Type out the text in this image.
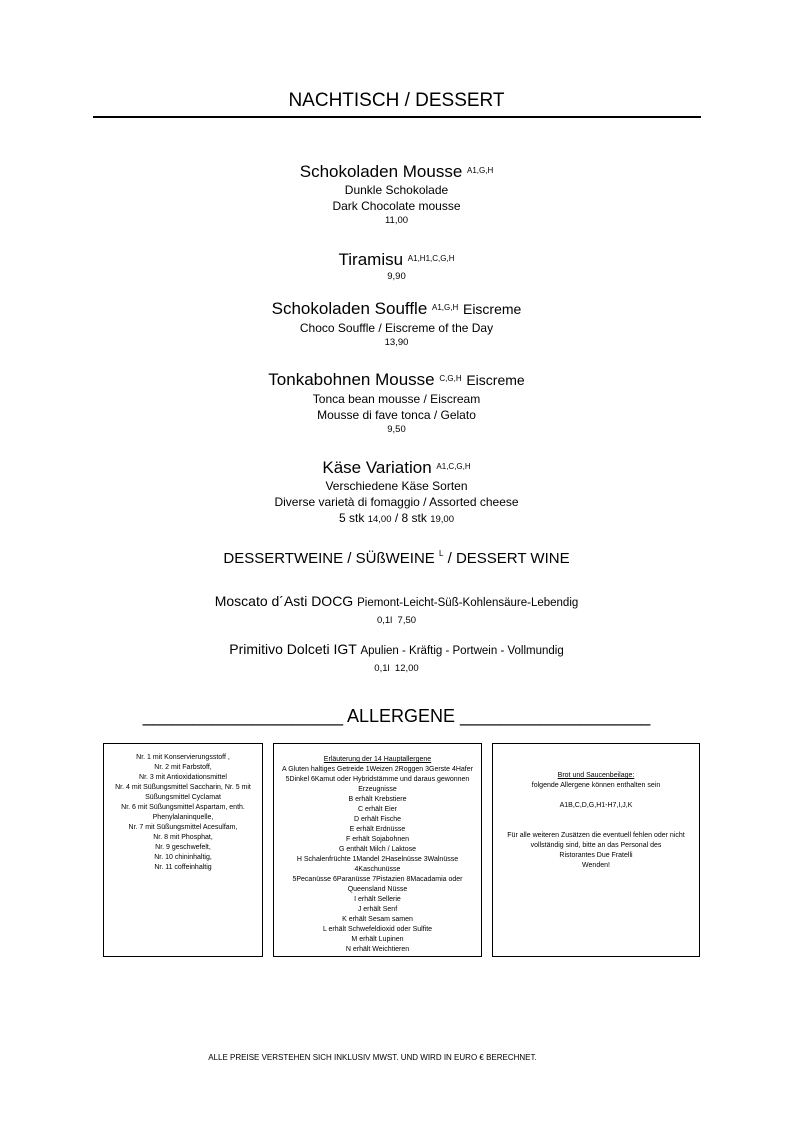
NACHTISCH / DESSERT
Schokoladen Mousse $^{A1,G,H}$
Dunkle Schokolade
Dark Chocolate mousse
11,00
Tiramisu $^{A1,H1,C,G,H}$
9,90
Schokoladen Souffle $^{A1,G,H}$ Eiscreme
Choco Souffle / Eiscreme of the Day
13,90
Tonkabohnen Mousse $^{C,G,H}$ Eiscreme
Tonca bean mousse / Eiscream
Mousse di fave tonca / Gelato
9,50
Käse Variation $^{A1,C,G,H}$
Verschiedene Käse Sorten
Diverse varietà di fomaggio / Assorted cheese
5 stk 14,00 / 8 stk 19,00
DESSERTWEINE / SÜßWEINE $^L$ / DESSERT WINE
Moscato d´Asti DOCG Piemont-Leicht-Süß-Kohlensäure-Lebendig
0,1l 7,50
Primitivo Dolceti IGT Apulien - Kräftig - Portwein - Vollmundig
0,1l 12,00
____________________ ALLERGENE ___________________
Nr. 1 mit Konservierungsstoff ,
Nr. 2 mit Farbstoff,
Nr. 3 mit Antioxidationsmittel
Nr. 4 mit Süßungsmittel Saccharin, Nr. 5 mit
Süßungsmittel Cyclamat
Nr. 6 mit Süßungsmittel Aspartam, enth.
Phenylalaninquelle,
Nr. 7 mit Süßungsmittel Acesulfam,
Nr. 8 mit Phosphat,
Nr. 9 geschwefelt,
Nr. 10 chininhaltig,
Nr. 11 coffeinhaltig
Erläuterung der 14 Hauptallergene
A Gluten haltiges Getreide 1Weizen 2Roggen 3Gerste 4Hafer
5Dinkel 6Kamut oder Hybridstämme und daraus gewonnen
Erzeugnisse
B erhält Krebstiere
C erhält Eier
D erhält Fische
E erhält Erdnüsse
F erhält Sojabohnen
G enthält Milch / Laktose
H Schalenfrüchte 1Mandel 2Haselnüsse 3Walnüsse
4Kaschunüsse
5Pecanüsse 6Paranüsse 7Pistazien 8Macadamia oder
Queensland Nüsse
I erhält Sellerie
J erhält Senf
K erhält Sesam samen
L erhält Schwefeldioxid oder Sulfite
M erhält Lupinen
N erhält Weichtieren
Brot und Saucenbeilage:
folgende Allergene können enthalten sein
A1B,C,D,G,H1-H7,I,J,K
Für alle weiteren Zusätzen die eventuell fehlen oder nicht
vollständig sind, bitte an das Personal des
Ristorantes Due Fratelli
Wenden!
ALLE PREISE VERSTEHEN SICH INKLUSIV MWST. UND WIRD IN EURO € BERECHNET.
